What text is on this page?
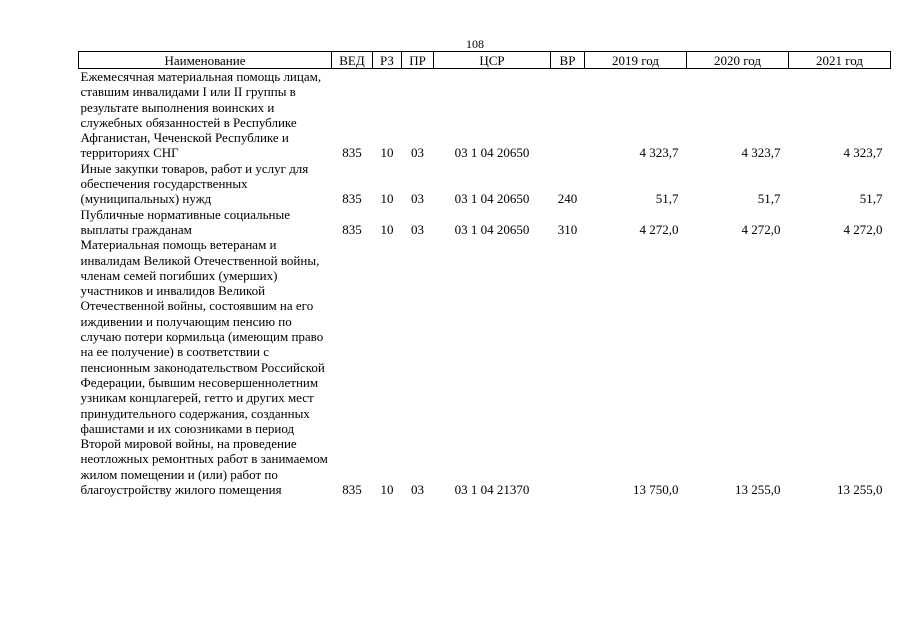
108
Наименование	ВЕД	РЗ	ПР	ЦСР	ВР	2019 год	2020 год	2021 год
Ежемесячная материальная помощь лицам, ставшим инвалидами I или II группы в результате выполнения воинских и служебных обязанностей в Республике Афганистан, Чеченской Республике и территориях СНГ	835	10	03	03 1 04 20650		4 323,7	4 323,7	4 323,7
Иные закупки товаров, работ и услуг для обеспечения государственных (муниципальных) нужд	835	10	03	03 1 04 20650	240	51,7	51,7	51,7
Публичные нормативные социальные выплаты гражданам	835	10	03	03 1 04 20650	310	4 272,0	4 272,0	4 272,0
Материальная помощь ветеранам и инвалидам Великой Отечественной войны, членам семей погибших (умерших) участников и инвалидов Великой Отечественной войны, состоявшим на его иждивении и получающим пенсию по случаю потери кормильца (имеющим право на ее получение) в соответствии с пенсионным законодательством Российской Федерации, бывшим несовершеннолетним узникам концлагерей, гетто и других мест принудительного содержания, созданных фашистами и их союзниками в период Второй мировой войны, на проведение неотложных ремонтных работ в занимаемом жилом помещении и (или) работ по благоустройству жилого помещения	835	10	03	03 1 04 21370		13 750,0	13 255,0	13 255,0
